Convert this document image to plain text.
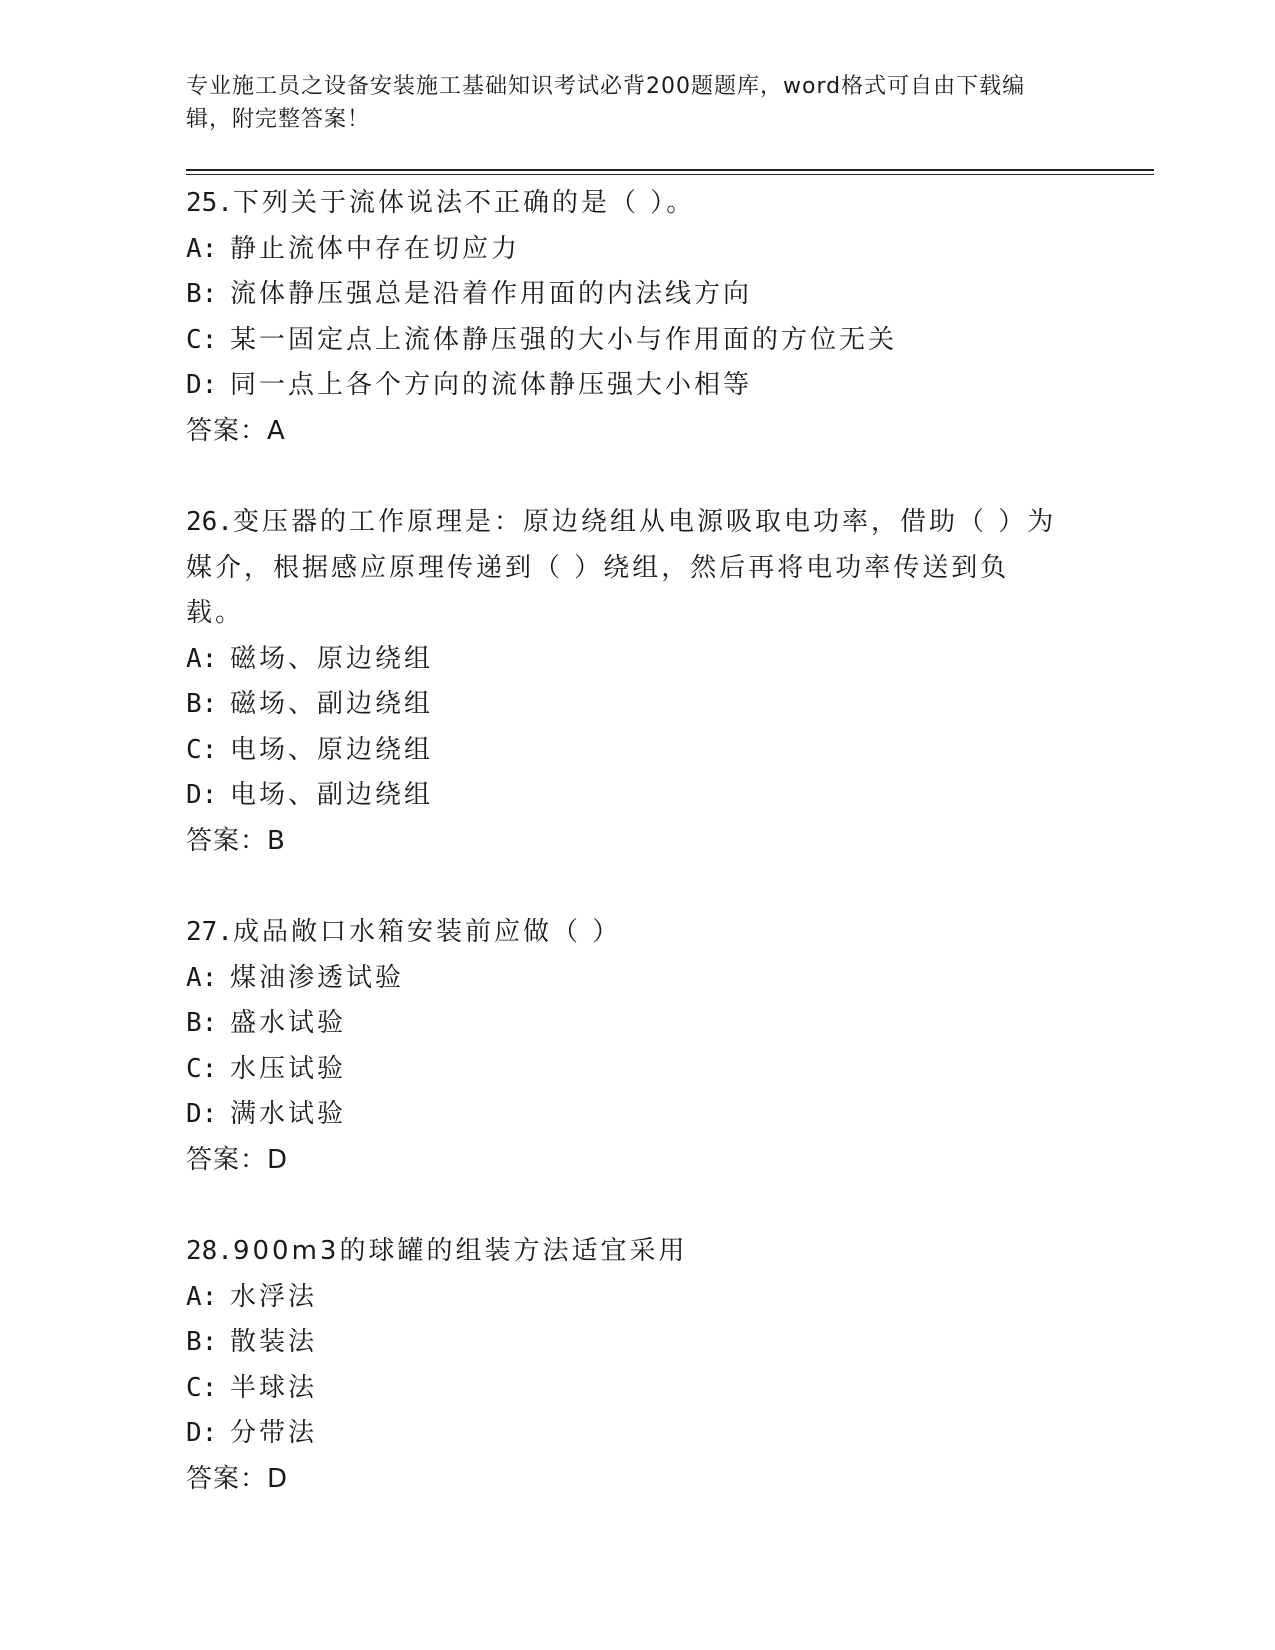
专业施工员之设备安装施工基础知识考试必背200题题库，word格式可自由下载编辑，附完整答案！
25.下列关于流体说法不正确的是（ ）。
A: 静止流体中存在切应力
B: 流体静压强总是沿着作用面的内法线方向
C: 某一固定点上流体静压强的大小与作用面的方位无关
D: 同一点上各个方向的流体静压强大小相等
答案：A
26.变压器的工作原理是：原边绕组从电源吸取电功率，借助（ ）为媒介，根据感应原理传递到（ ）绕组，然后再将电功率传送到负载。
A: 磁场、原边绕组
B: 磁场、副边绕组
C: 电场、原边绕组
D: 电场、副边绕组
答案：B
27.成品敞口水箱安装前应做（ ）
A: 煤油渗透试验
B: 盛水试验
C: 水压试验
D: 满水试验
答案：D
28.900m3的球罐的组装方法适宜采用
A: 水浮法
B: 散装法
C: 半球法
D: 分带法
答案：D
